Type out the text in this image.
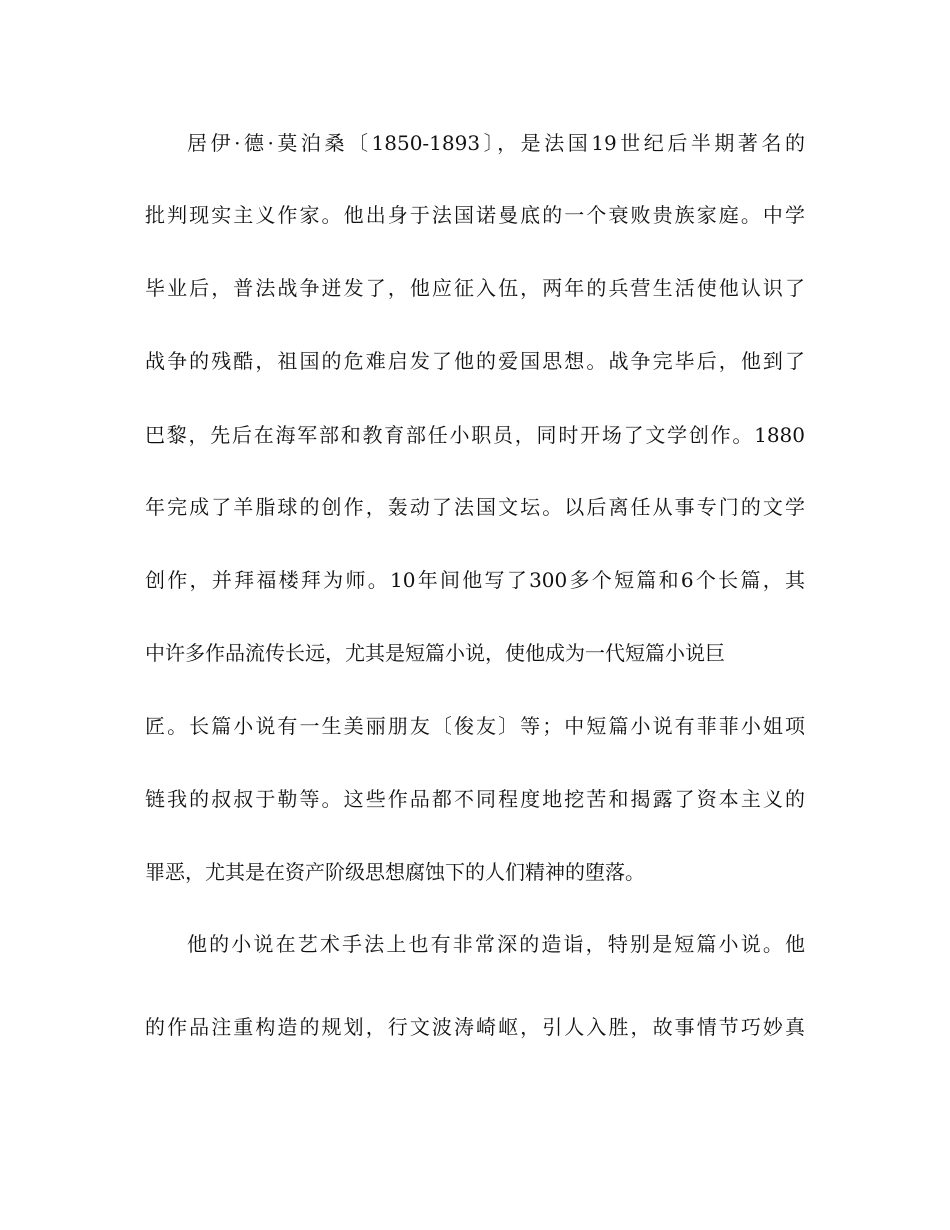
居伊·德·莫泊桑〔1850-1893〕，是法国19世纪后半期著名的

批判现实主义作家。他出身于法国诺曼底的一个衰败贵族家庭。中学

毕业后，普法战争迸发了，他应征入伍，两年的兵营生活使他认识了

战争的残酷，祖国的危难启发了他的爱国思想。战争完毕后，他到了

巴黎，先后在海军部和教育部任小职员，同时开场了文学创作。1880

年完成了羊脂球的创作，轰动了法国文坛。以后离任从事专门的文学

创作，并拜福楼拜为师。10年间他写了300多个短篇和6个长篇，其

中许多作品流传长远，尤其是短篇小说，使他成为一代短篇小说巨

匠。长篇小说有一生美丽朋友〔俊友〕等；中短篇小说有菲菲小姐项

链我的叔叔于勒等。这些作品都不同程度地挖苦和揭露了资本主义的

罪恶，尤其是在资产阶级思想腐蚀下的人们精神的堕落。

他的小说在艺术手法上也有非常深的造诣，特别是短篇小说。他

的作品注重构造的规划，行文波涛崎岖，引人入胜，故事情节巧妙真
